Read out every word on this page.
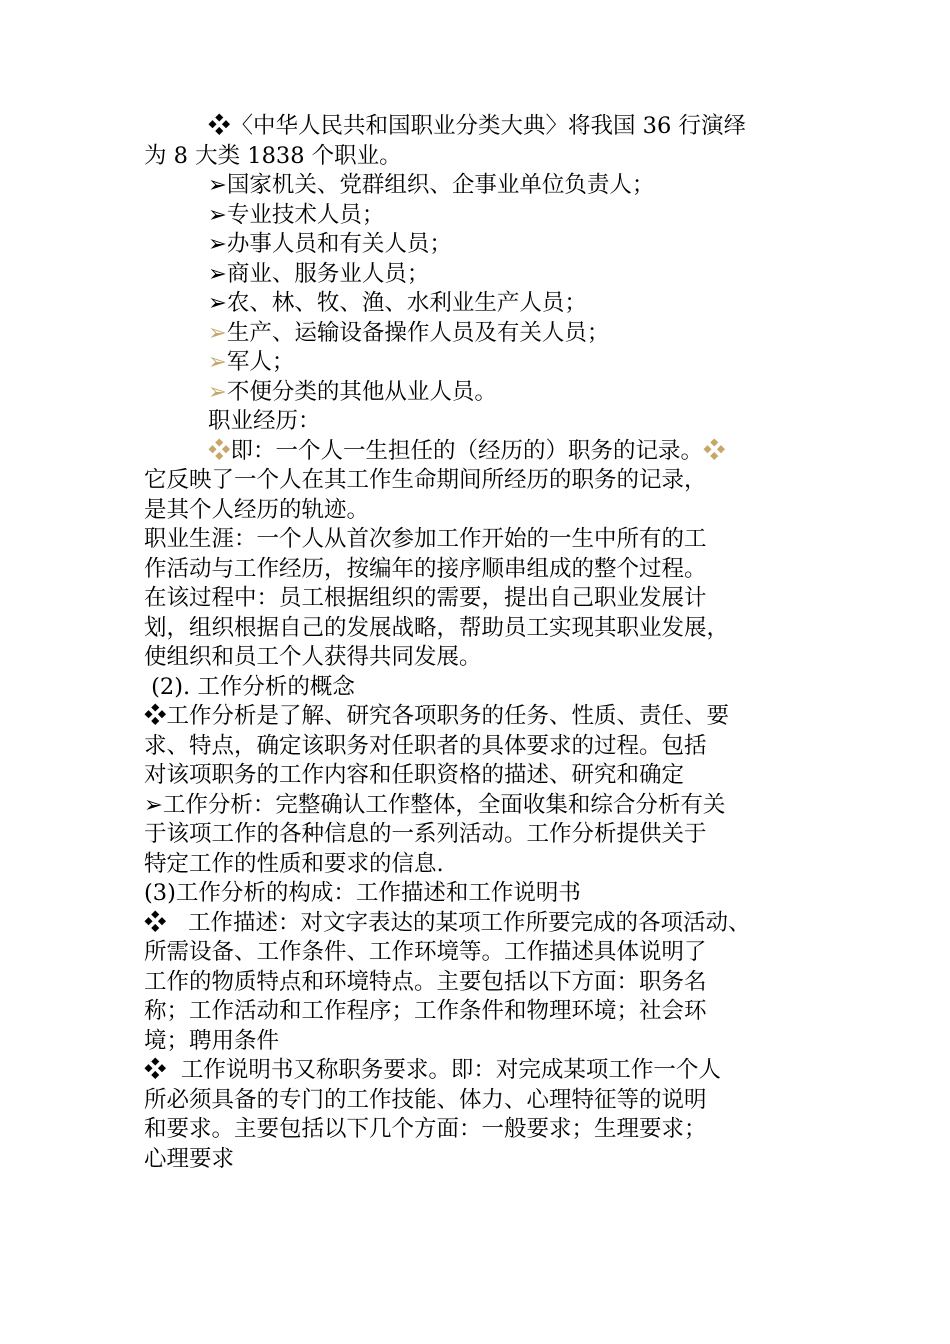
❖〈中华人民共和国职业分类大典〉将我国 36 行演绎
为 8 大类 1838 个职业。
➢国家机关、党群组织、企事业单位负责人；
➢专业技术人员；
➢办事人员和有关人员；
➢商业、服务业人员；
➢农、林、牧、渔、水利业生产人员；
➢生产、运输设备操作人员及有关人员；
➢军人；
➢不便分类的其他从业人员。
职业经历：
❖即：一个人一生担任的（经历的）职务的记录。❖
它反映了一个人在其工作生命期间所经历的职务的记录，
是其个人经历的轨迹。
职业生涯：一个人从首次参加工作开始的一生中所有的工
作活动与工作经历，按编年的接序顺串组成的整个过程。
在该过程中：员工根据组织的需要，提出自己职业发展计
划，组织根据自己的发展战略，帮助员工实现其职业发展，
使组织和员工个人获得共同发展。
(2). 工作分析的概念
❖工作分析是了解、研究各项职务的任务、性质、责任、要
求、特点，确定该职务对任职者的具体要求的过程。包括
对该项职务的工作内容和任职资格的描述、研究和确定
➢工作分析：完整确认工作整体，全面收集和综合分析有关
于该项工作的各种信息的一系列活动。工作分析提供关于
特定工作的性质和要求的信息.
(3)工作分析的构成：工作描述和工作说明书
❖   工作描述：对文字表达的某项工作所要完成的各项活动、
所需设备、工作条件、工作环境等。工作描述具体说明了
工作的物质特点和环境特点。主要包括以下方面：职务名
称；工作活动和工作程序；工作条件和物理环境；社会环
境；聘用条件
❖  工作说明书又称职务要求。即：对完成某项工作一个人
所必须具备的专门的工作技能、体力、心理特征等的说明
和要求。主要包括以下几个方面：一般要求；生理要求；
心理要求
